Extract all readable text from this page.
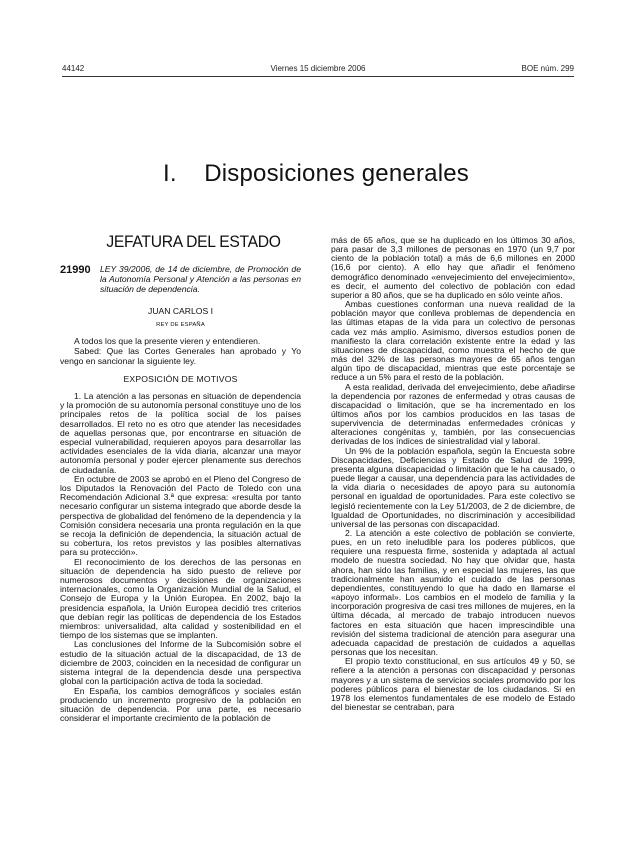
44142	Viernes 15 diciembre 2006	BOE núm. 299
I.    Disposiciones generales
JEFATURA DEL ESTADO
21990	LEY 39/2006, de 14 de diciembre, de Promoción de la Autonomía Personal y Atención a las personas en situación de dependencia.
JUAN CARLOS I
REY DE ESPAÑA

A todos los que la presente vieren y entendieren.

Sabed: Que las Cortes Generales han aprobado y Yo vengo en sancionar la siguiente ley.

EXPOSICIÓN DE MOTIVOS

1. La atención a las personas en situación de dependencia y la promoción de su autonomía personal constituye uno de los principales retos de la política social de los países desarrollados. El reto no es otro que atender las necesidades de aquellas personas que, por encontrarse en situación de especial vulnerabilidad, requieren apoyos para desarrollar las actividades esenciales de la vida diaria, alcanzar una mayor autonomía personal y poder ejercer plenamente sus derechos de ciudadanía.

En octubre de 2003 se aprobó en el Pleno del Congreso de los Diputados la Renovación del Pacto de Toledo con una Recomendación Adicional 3.ª que expresa: «resulta por tanto necesario configurar un sistema integrado que aborde desde la perspectiva de globalidad del fenómeno de la dependencia y la Comisión considera necesaria una pronta regulación en la que se recoja la definición de dependencia, la situación actual de su cobertura, los retos previstos y las posibles alternativas para su protección».

El reconocimiento de los derechos de las personas en situación de dependencia ha sido puesto de relieve por numerosos documentos y decisiones de organizaciones internacionales, como la Organización Mundial de la Salud, el Consejo de Europa y la Unión Europea. En 2002, bajo la presidencia española, la Unión Europea decidió tres criterios que debían regir las políticas de dependencia de los Estados miembros: universalidad, alta calidad y sostenibilidad en el tiempo de los sistemas que se implanten.

Las conclusiones del Informe de la Subcomisión sobre el estudio de la situación actual de la discapacidad, de 13 de diciembre de 2003, coinciden en la necesidad de configurar un sistema integral de la dependencia desde una perspectiva global con la participación activa de toda la sociedad.

En España, los cambios demográficos y sociales están produciendo un incremento progresivo de la población en situación de dependencia. Por una parte, es necesario considerar el importante crecimiento de la población de

más de 65 años, que se ha duplicado en los últimos 30 años, para pasar de 3,3 millones de personas en 1970 (un 9,7 por ciento de la población total) a más de 6,6 millones en 2000 (16,6 por ciento). A ello hay que añadir el fenómeno demográfico denominado «envejecimiento del envejecimiento», es decir, el aumento del colectivo de población con edad superior a 80 años, que se ha duplicado en sólo veinte años.

Ambas cuestiones conforman una nueva realidad de la población mayor que conlleva problemas de dependencia en las últimas etapas de la vida para un colectivo de personas cada vez más amplio. Asimismo, diversos estudios ponen de manifiesto la clara correlación existente entre la edad y las situaciones de discapacidad, como muestra el hecho de que más del 32% de las personas mayores de 65 años tengan algún tipo de discapacidad, mientras que este porcentaje se reduce a un 5% para el resto de la población.

A esta realidad, derivada del envejecimiento, debe añadirse la dependencia por razones de enfermedad y otras causas de discapacidad o limitación, que se ha incrementado en los últimos años por los cambios producidos en las tasas de supervivencia de determinadas enfermedades crónicas y alteraciones congénitas y, también, por las consecuencias derivadas de los índices de siniestralidad vial y laboral.

Un 9% de la población española, según la Encuesta sobre Discapacidades, Deficiencias y Estado de Salud de 1999, presenta alguna discapacidad o limitación que le ha causado, o puede llegar a causar, una dependencia para las actividades de la vida diaria o necesidades de apoyo para su autonomía personal en igualdad de oportunidades. Para este colectivo se legisló recientemente con la Ley 51/2003, de 2 de diciembre, de Igualdad de Oportunidades, no discriminación y accesibilidad universal de las personas con discapacidad.

2. La atención a este colectivo de población se convierte, pues, en un reto ineludible para los poderes públicos, que requiere una respuesta firme, sostenida y adaptada al actual modelo de nuestra sociedad. No hay que olvidar que, hasta ahora, han sido las familias, y en especial las mujeres, las que tradicionalmente han asumido el cuidado de las personas dependientes, constituyendo lo que ha dado en llamarse el «apoyo informal». Los cambios en el modelo de familia y la incorporación progresiva de casi tres millones de mujeres, en la última década, al mercado de trabajo introducen nuevos factores en esta situación que hacen imprescindible una revisión del sistema tradicional de atención para asegurar una adecuada capacidad de prestación de cuidados a aquellas personas que los necesitan.

El propio texto constitucional, en sus artículos 49 y 50, se refiere a la atención a personas con discapacidad y personas mayores y a un sistema de servicios sociales promovido por los poderes públicos para el bienestar de los ciudadanos. Si en 1978 los elementos fundamentales de ese modelo de Estado del bienestar se centraban, para
